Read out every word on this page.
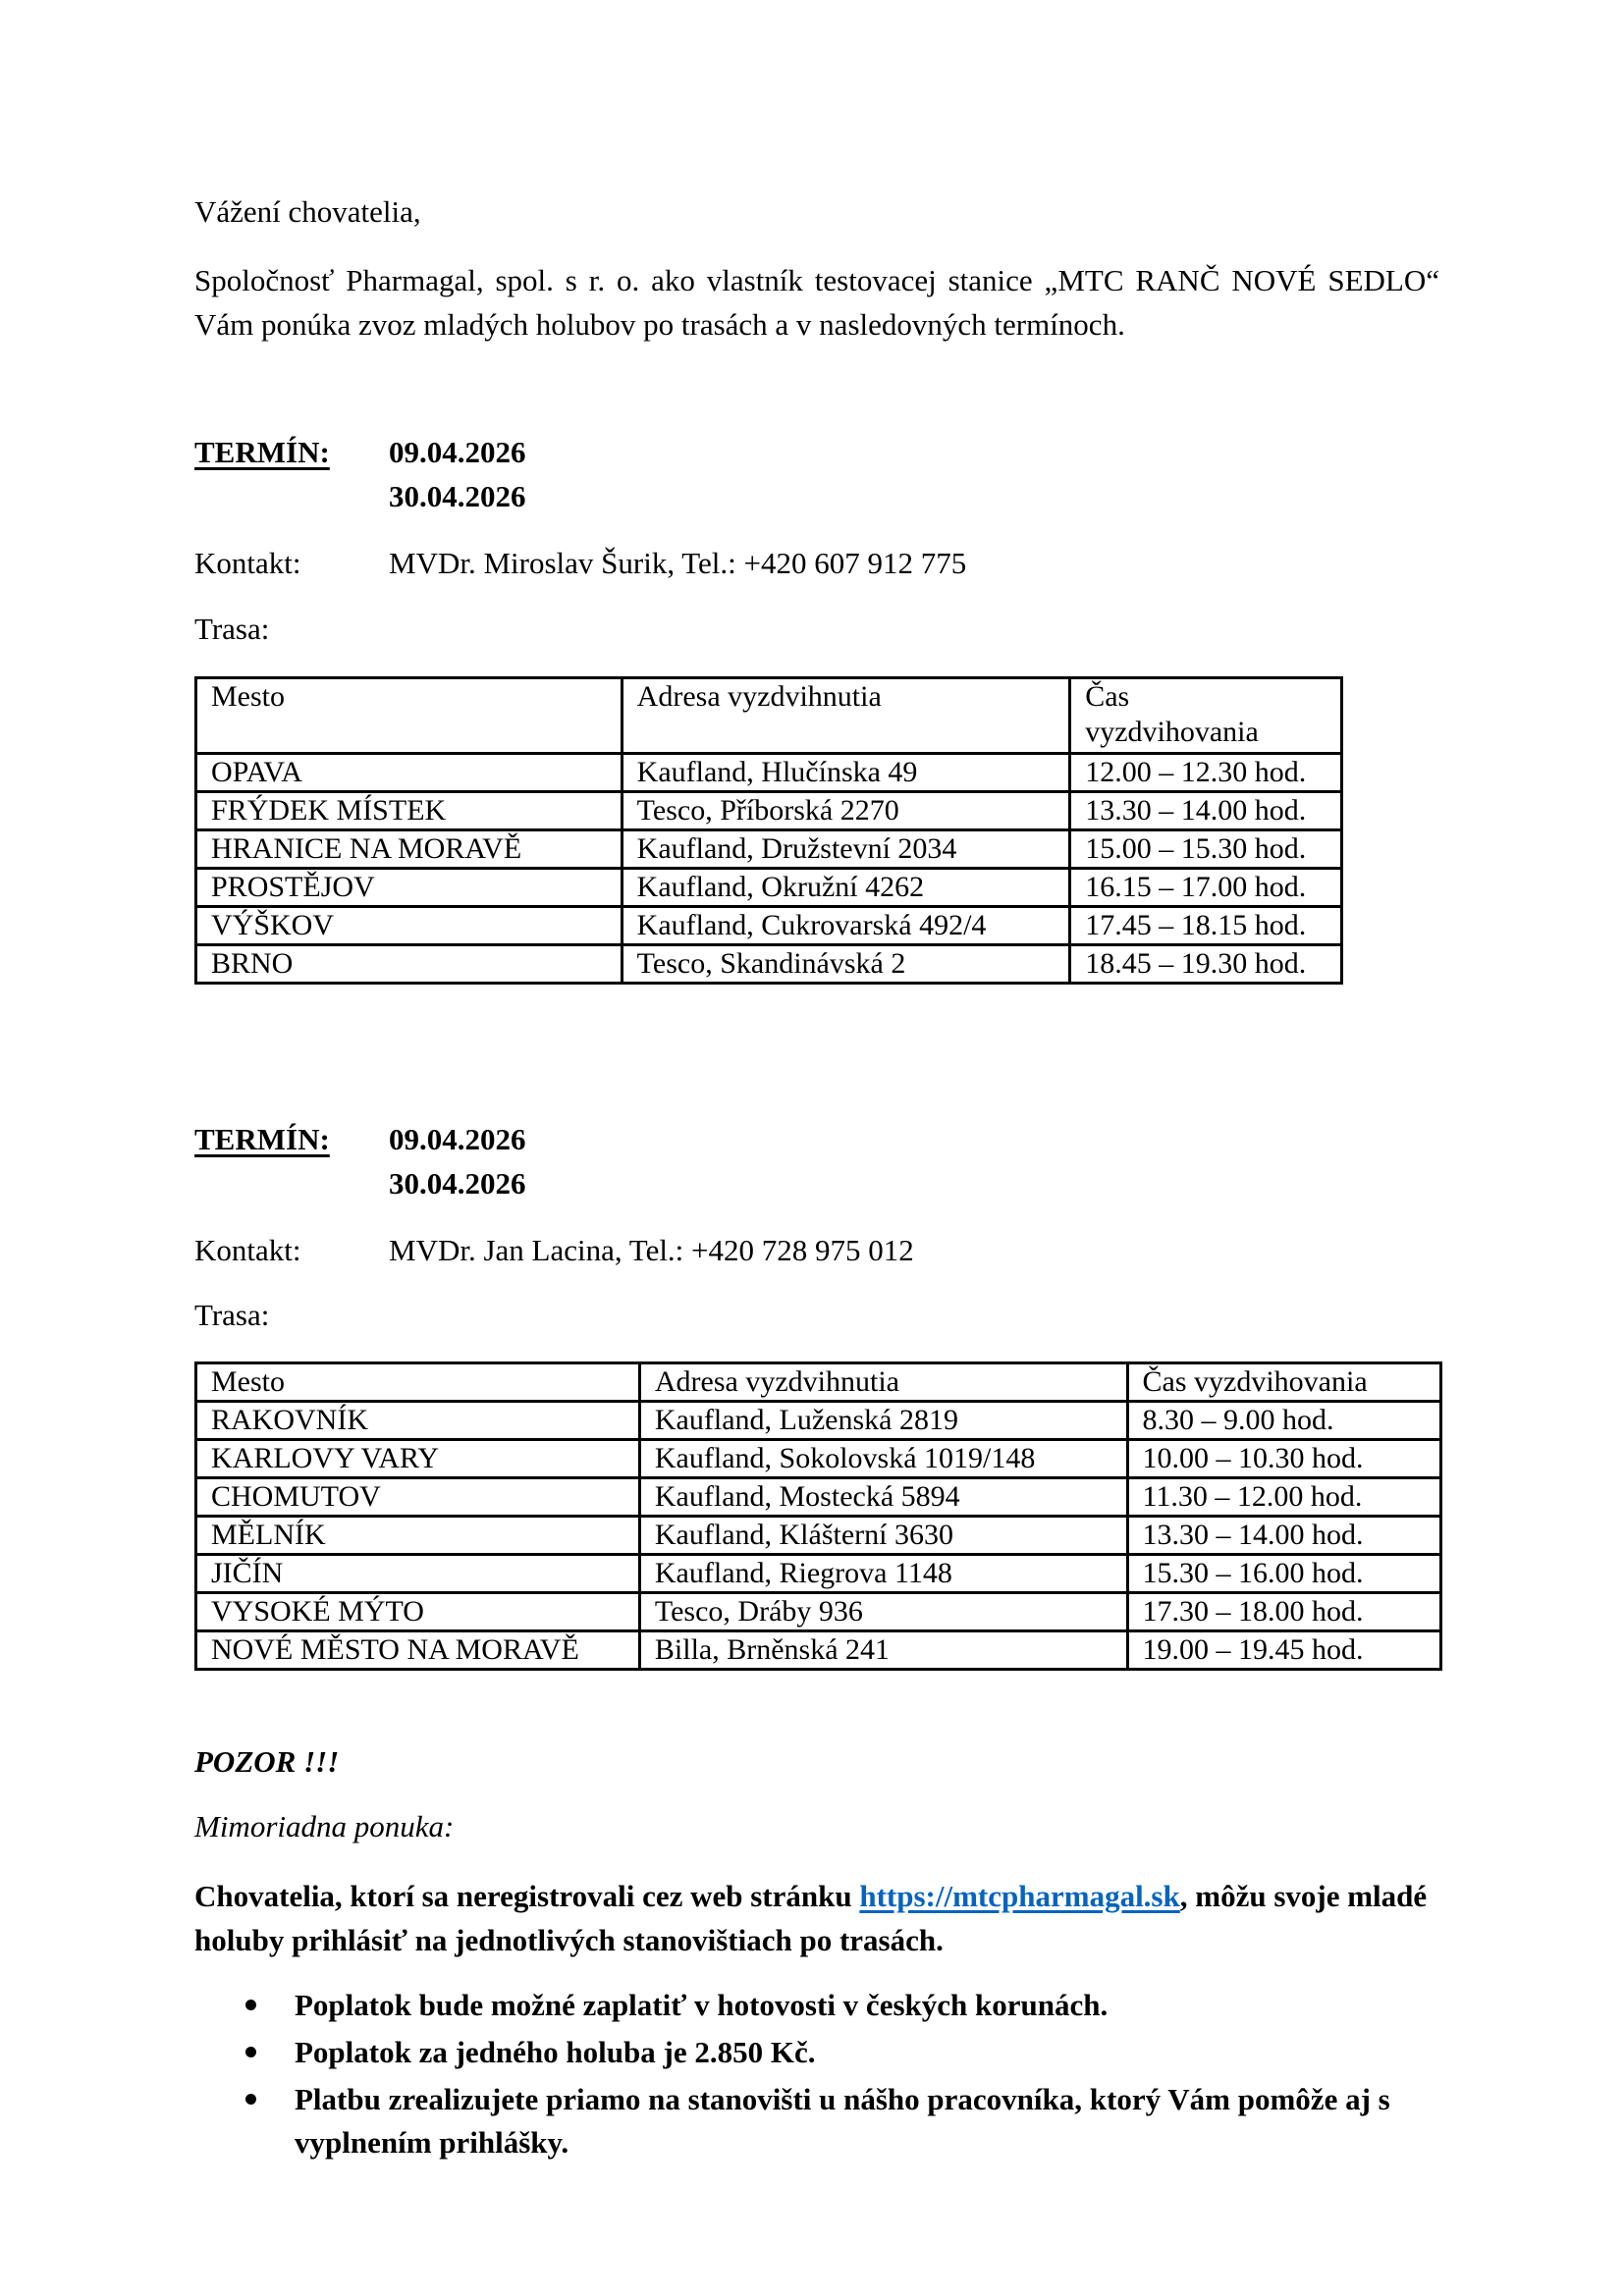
Vážení chovatelia,
Spoločnosť Pharmagal, spol. s r. o. ako vlastník testovacej stanice „MTC RANČ NOVÉ SEDLO“ Vám ponúka zvoz mladých holubov po trasách a v nasledovných termínoch.
TERMÍN: 09.04.2026
30.04.2026
Kontakt:	MVDr. Miroslav Šurik, Tel.: +420 607 912 775
Trasa:
Mesto	Adresa vyzdvihnutia	Čas vyzdvihovania
OPAVA	Kaufland, Hlučínska 49	12.00 – 12.30 hod.
FRÝDEK MÍSTEK	Tesco, Příborská 2270	13.30 – 14.00 hod.
HRANICE NA MORAVĚ	Kaufland, Družstevní 2034	15.00 – 15.30 hod.
PROSTĚJOV	Kaufland, Okružní 4262	16.15 – 17.00 hod.
VÝŠKOV	Kaufland, Cukrovarská 492/4	17.45 – 18.15 hod.
BRNO	Tesco, Skandinávská 2	18.45 – 19.30 hod.
TERMÍN: 09.04.2026
30.04.2026
Kontakt:	MVDr. Jan Lacina, Tel.: +420 728 975 012
Trasa:
Mesto	Adresa vyzdvihnutia	Čas vyzdvihovania
RAKOVNÍK	Kaufland, Luženská 2819	8.30 – 9.00 hod.
KARLOVY VARY	Kaufland, Sokolovská 1019/148	10.00 – 10.30 hod.
CHOMUTOV	Kaufland, Mostecká 5894	11.30 – 12.00 hod.
MĚLNÍK	Kaufland, Klášterní 3630	13.30 – 14.00 hod.
JIČÍN	Kaufland, Riegrova 1148	15.30 – 16.00 hod.
VYSOKÉ MÝTO	Tesco, Dráby 936	17.30 – 18.00 hod.
NOVÉ MĚSTO NA MORAVĚ	Billa, Brněnská 241	19.00 – 19.45 hod.
POZOR !!!
Mimoriadna ponuka:
Chovatelia, ktorí sa neregistrovali cez web stránku https://mtcpharmagal.sk, môžu svoje mladé holuby prihlásiť na jednotlivých stanovištiach po trasách.
Poplatok bude možné zaplatiť v hotovosti v českých korunách.
Poplatok za jedného holuba je 2.850 Kč.
Platbu zrealizujete priamo na stanovišti u nášho pracovníka, ktorý Vám pomôže aj s vyplnením prihlášky.
